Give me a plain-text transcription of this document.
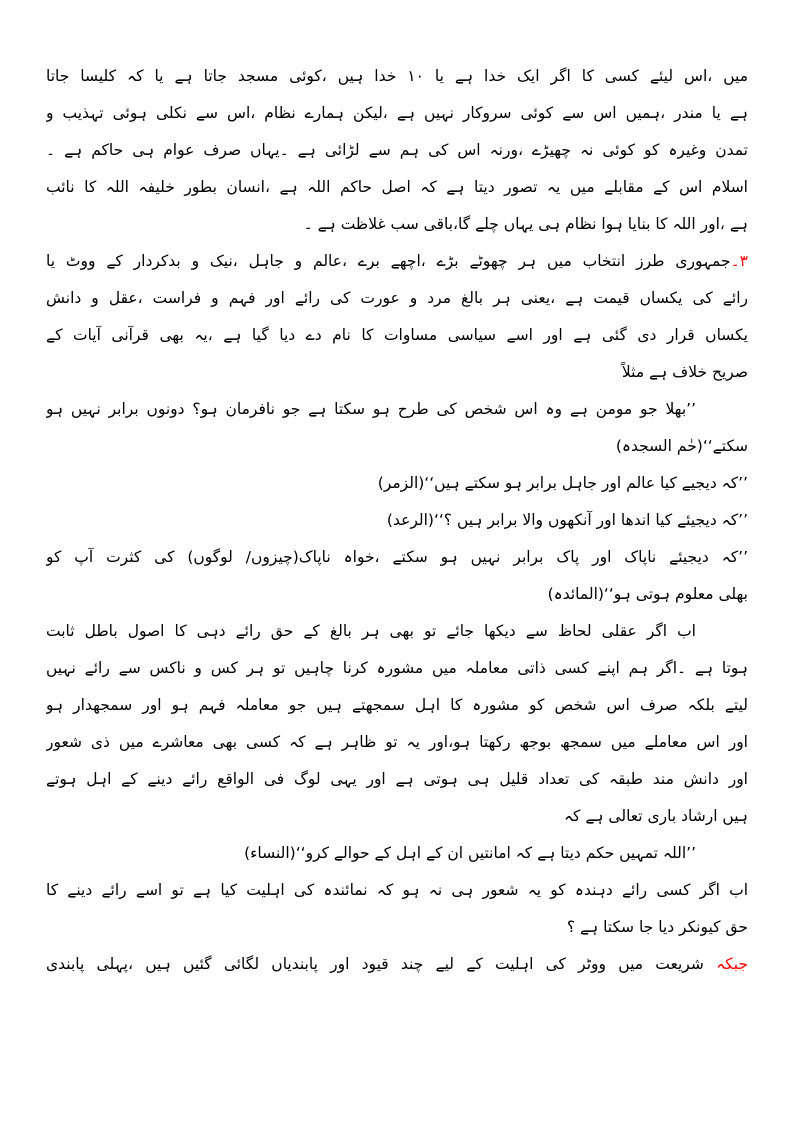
میں ،اس لیئے کسی کا اگر ایک خدا ہے یا ۱۰ خدا ہیں ،کوئی مسجد جاتا ہے یا کہ کلیسا جاتا
ہے یا مندر ،ہمیں اس سے کوئی سروکار نہیں ہے ،لیکن ہمارے نظام ،اس سے نکلی ہوئی تہذیب و
تمدن وغیرہ کو کوئی نہ چھیڑے ،ورنہ اس کی ہم سے لڑائی ہے ۔یہاں صرف عوام ہی حاکم ہے ۔
اسلام اس کے مقابلے میں یہ تصور دیتا ہے کہ اصل حاکم اللہ ہے ،انسان بطور خلیفہ اللہ کا نائب
ہے ،اور اللہ کا بنایا ہوا نظام ہی یہاں چلے گا،باقی سب غلاظت ہے ۔
۳۔جمہوری طرز انتخاب میں ہر چھوٹے بڑے ،اچھے برے ،عالم و جاہل ،نیک و بدکردار کے ووٹ یا
رائے کی یکساں قیمت ہے ،یعنی ہر بالغ مرد و عورت کی رائے اور فہم و فراست ،عقل و دانش
یکساں قرار دی گئی ہے اور اسے سیاسی مساوات کا نام دے دیا گیا ہے ،یہ بھی قرآنی آیات کے
صریح خلاف ہے مثلاً
’’بھلا جو مومن ہے وہ اس شخص کی طرح ہو سکتا ہے جو نافرمان ہو؟ دونوں برابر نہیں ہو
سکتے‘‘(حٰم السجدہ)
’’کہ دیجیے کیا عالم اور جاہل برابر ہو سکتے ہیں‘‘(الزمر)
’’کہ دیجیئے کیا اندھا اور آنکھوں والا برابر ہیں ؟‘‘(الرعد)
’’کہ دیجیئے ناپاک اور پاک برابر نہیں ہو سکتے ،خواہ ناپاک(چیزوں/ لوگوں) کی کثرت آپ کو
بھلی معلوم ہوتی ہو‘‘(المائدہ)
اب اگر عقلی لحاظ سے دیکھا جائے تو بھی ہر بالغ کے حق رائے دہی کا اصول باطل ثابت
ہوتا ہے ۔اگر ہم اپنے کسی ذاتی معاملہ میں مشورہ کرنا چاہیں تو ہر کس و ناکس سے رائے نہیں
لیتے بلکہ صرف اس شخص کو مشورہ کا اہل سمجھتے ہیں جو معاملہ فہم ہو اور سمجھدار ہو
اور اس معاملے میں سمجھ بوجھ رکھتا ہو،اور یہ تو ظاہر ہے کہ کسی بھی معاشرے میں ذی شعور
اور دانش مند طبقہ کی تعداد قلیل ہی ہوتی ہے اور یہی لوگ فی الواقع رائے دینے کے اہل ہوتے
ہیں ارشاد باری تعالی ہے کہ
’’اللہ تمہیں حکم دیتا ہے کہ امانتیں ان کے اہل کے حوالے کرو‘‘(النساء)
اب اگر کسی رائے دہندہ کو یہ شعور ہی نہ ہو کہ نمائندہ کی اہلیت کیا ہے تو اسے رائے دینے کا
حق کیونکر دیا جا سکتا ہے ؟
جبکہ شریعت میں ووٹر کی اہلیت کے لیے چند قیود اور پابندیاں لگائی گئیں ہیں ،پہلی پابندی
